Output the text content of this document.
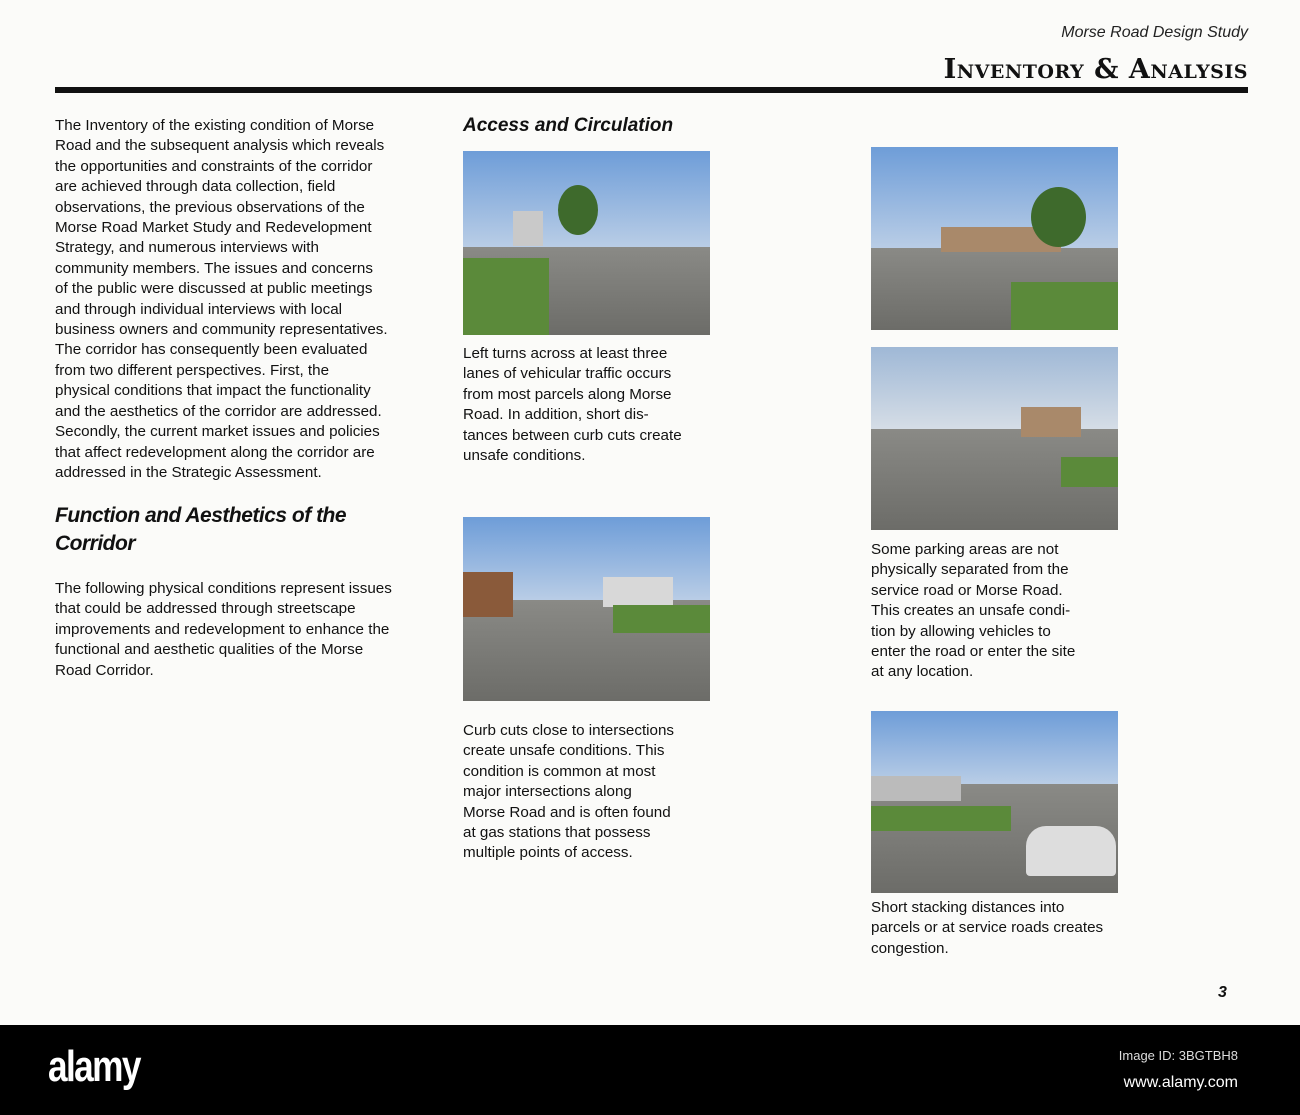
Morse Road Design Study
Inventory & Analysis
The Inventory of the existing condition of Morse
Road and the subsequent analysis which reveals
the opportunities and constraints of the corridor
are achieved through data collection, field
observations, the previous observations of the
Morse Road Market Study and Redevelopment
Strategy, and numerous interviews with
community members. The issues and concerns
of the public were discussed at public meetings
and through individual interviews with local
business owners and community representatives.
The corridor has consequently been evaluated
from two different perspectives. First, the
physical conditions that impact the functionality
and the aesthetics of the corridor are addressed.
Secondly, the current market issues and policies
that affect redevelopment along the corridor are
addressed in the Strategic Assessment.
Function and Aesthetics of the
Corridor
The following physical conditions represent issues
that could be addressed through streetscape
improvements and redevelopment to enhance the
functional and aesthetic qualities of the Morse
Road Corridor.
Access and Circulation
Left turns across at least three
lanes of vehicular traffic occurs
from most parcels along Morse
Road. In addition, short dis-
tances between curb cuts create
unsafe conditions.
Curb cuts close to intersections
create unsafe conditions. This
condition is common at most
major intersections along
Morse Road and is often found
at gas stations that possess
multiple points of access.
Some parking areas are not
physically separated from the
service road or Morse Road.
This creates an unsafe condi-
tion by allowing vehicles to
enter the road or enter the site
at any location.
Short stacking distances into
parcels or at service roads creates
congestion.
3
alamy	Image ID: 3BGTBH8
www.alamy.com
